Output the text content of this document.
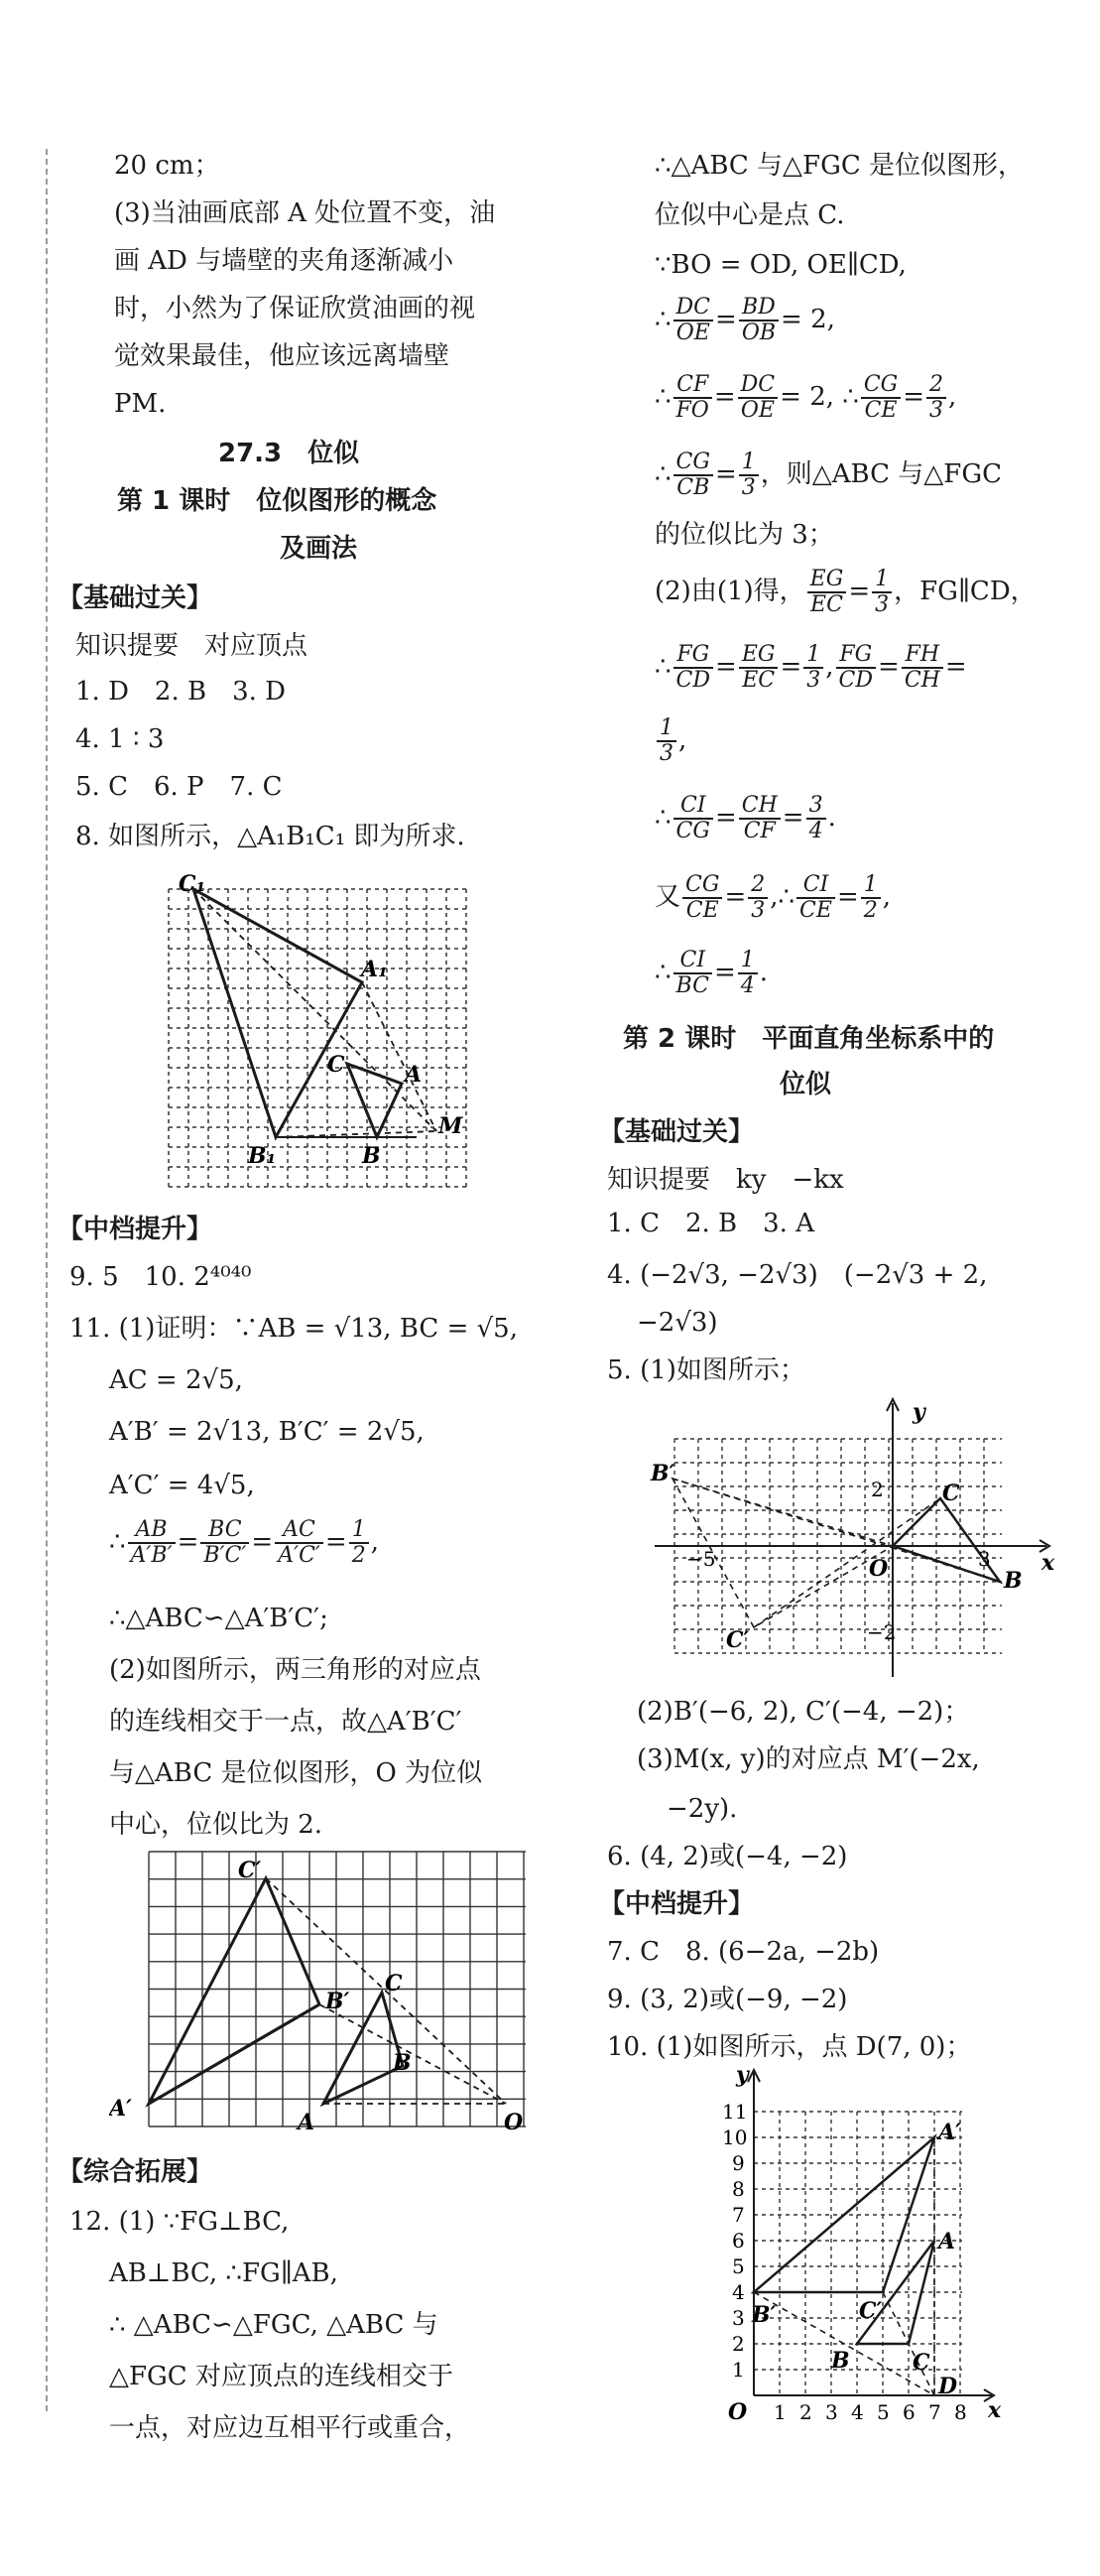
20 cm；
(3)当油画底部 A 处位置不变，油
画 AD 与墙壁的夹角逐渐减小
时，小然为了保证欣赏油画的视
觉效果最佳，他应该远离墙壁
PM.
27.3　位似
第 1 课时　位似图形的概念
及画法
【基础过关】
知识提要　对应顶点
1. D　2. B　3. D
4. 1 ∶ 3
5. C　6. P　7. C
8. 如图所示，△A₁B₁C₁ 即为所求.
C₁
A₁
C	A
B₁	B
M
【中档提升】
9. 5　10. 2⁴⁰⁴⁰
11. (1)证明：∵AB = √13, BC = √5,
AC = 2√5,
A′B′ = 2√13, B′C′ = 2√5,
A′C′ = 4√5,
∴ $\frac{AB}{A'B'} = \frac{BC}{B'C'} = \frac{AC}{A'C'} = \frac{1}{2}$ ,
∴△ABC∽△A′B′C′;
(2)如图所示，两三角形的对应点
的连线相交于一点，故△A′B′C′
与△ABC 是位似图形，O 为位似
中心，位似比为 2.
C′
B′
C
B
A′
A	O
【综合拓展】
12. (1) ∵FG⊥BC,
AB⊥BC, ∴FG∥AB,
∴ △ABC∽△FGC, △ABC 与
△FGC 对应顶点的连线相交于
一点，对应边互相平行或重合，
∴△ABC 与△FGC 是位似图形，
位似中心是点 C.
∵BO = OD, OE∥CD,
∴ $\frac{DC}{OE} = \frac{BD}{OB} = 2$,
∴ $\frac{CF}{FO} = \frac{DC}{OE} = 2$, ∴ $\frac{CG}{CE} = \frac{2}{3}$ ,
∴ $\frac{CG}{CB} = \frac{1}{3}$ ，则△ABC 与△FGC
的位似比为 3；
(2)由(1)得， $\frac{EG}{EC} = \frac{1}{3}$ ，FG∥CD，
∴ $\frac{FG}{CD} = \frac{EG}{EC} = \frac{1}{3}$ , $\frac{FG}{CD} = \frac{FH}{CH}$ =
$\frac{1}{3}$ ,
∴ $\frac{CI}{CG} = \frac{CH}{CF} = \frac{3}{4}$ .
又 $\frac{CG}{CE} = \frac{2}{3}$ ,∴ $\frac{CI}{CE} = \frac{1}{2}$ ,
∴ $\frac{CI}{BC} = \frac{1}{4}$ .
第 2 课时　平面直角坐标系中的
位似
【基础过关】
知识提要　ky　−kx
1. C　2. B　3. A
4. (−2√3, −2√3)　(−2√3 + 2,
−2√3)
5. (1)如图所示；
y
x
O
B′
C
B
C′
−5	3
2
−2
(2)B′(−6, 2), C′(−4, −2)；
(3)M(x, y)的对应点 M′(−2x,
−2y).
6. (4, 2)或(−4, −2)
【中档提升】
7. C　8. (6−2a, −2b)
9. (3, 2)或(−9, −2)
10. (1)如图所示，点 D(7, 0)；
y
x
O
A′
A
B′
B
C′
C
D
1 2 3 4 5 6 7 8
1
2
3
4
5
6
7
8
9
10
11
